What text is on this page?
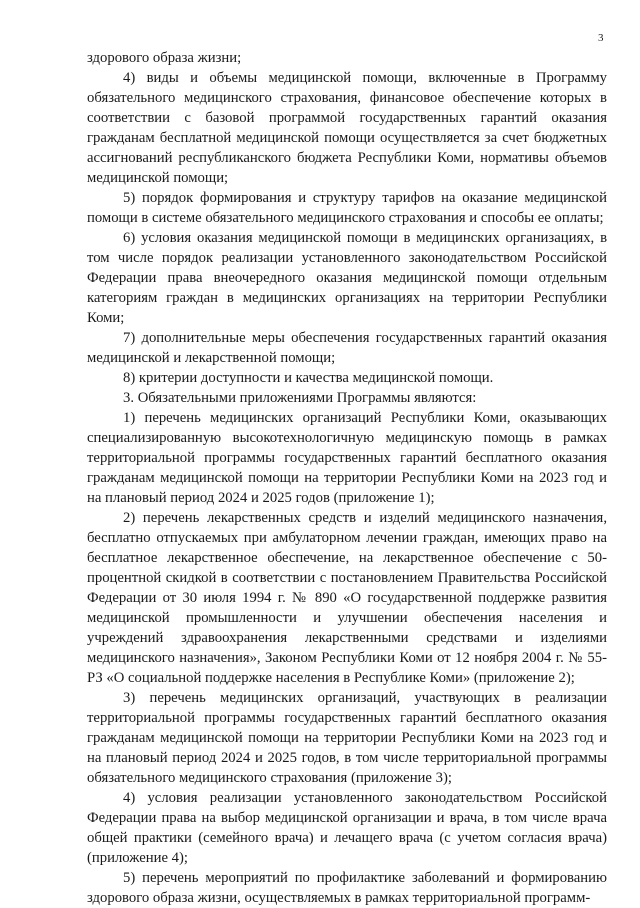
3

здорового образа жизни;

4) виды и объемы медицинской помощи, включенные в Программу обязательного медицинского страхования, финансовое обеспечение которых в соответствии с базовой программой государственных гарантий оказания гражданам бесплатной медицинской помощи осуществляется за счет бюджетных ассигнований республиканского бюджета Республики Коми, нормативы объемов медицинской помощи;

5) порядок формирования и структуру тарифов на оказание медицинской помощи в системе обязательного медицинского страхования и способы ее оплаты;

6) условия оказания медицинской помощи в медицинских организациях, в том числе порядок реализации установленного законодательством Российской Федерации права внеочередного оказания медицинской помощи отдельным категориям граждан в медицинских организациях на территории Республики Коми;

7) дополнительные меры обеспечения государственных гарантий оказания медицинской и лекарственной помощи;

8) критерии доступности и качества медицинской помощи.

3. Обязательными приложениями Программы являются:

1) перечень медицинских организаций Республики Коми, оказывающих специализированную высокотехнологичную медицинскую помощь в рамках территориальной программы государственных гарантий бесплатного оказания гражданам медицинской помощи на территории Республики Коми на 2023 год и на плановый период 2024 и 2025 годов (приложение 1);

2) перечень лекарственных средств и изделий медицинского назначения, бесплатно отпускаемых при амбулаторном лечении граждан, имеющих право на бесплатное лекарственное обеспечение, на лекарственное обеспечение с 50-процентной скидкой в соответствии с постановлением Правительства Российской Федерации от 30 июля 1994 г. № 890 «О государственной поддержке развития медицинской промышленности и улучшении обеспечения населения и учреждений здравоохранения лекарственными средствами и изделиями медицинского назначения», Законом Республики Коми от 12 ноября 2004 г. № 55-РЗ «О социальной поддержке населения в Республике Коми» (приложение 2);

3) перечень медицинских организаций, участвующих в реализации территориальной программы государственных гарантий бесплатного оказания гражданам медицинской помощи на территории Республики Коми на 2023 год и на плановый период 2024 и 2025 годов, в том числе территориальной программы обязательного медицинского страхования (приложение 3);

4) условия реализации установленного законодательством Российской Федерации права на выбор медицинской организации и врача, в том числе врача общей практики (семейного врача) и лечащего врача (с учетом согласия врача) (приложение 4);

5) перечень мероприятий по профилактике заболеваний и формированию здорового образа жизни, осуществляемых в рамках территориальной программ-
